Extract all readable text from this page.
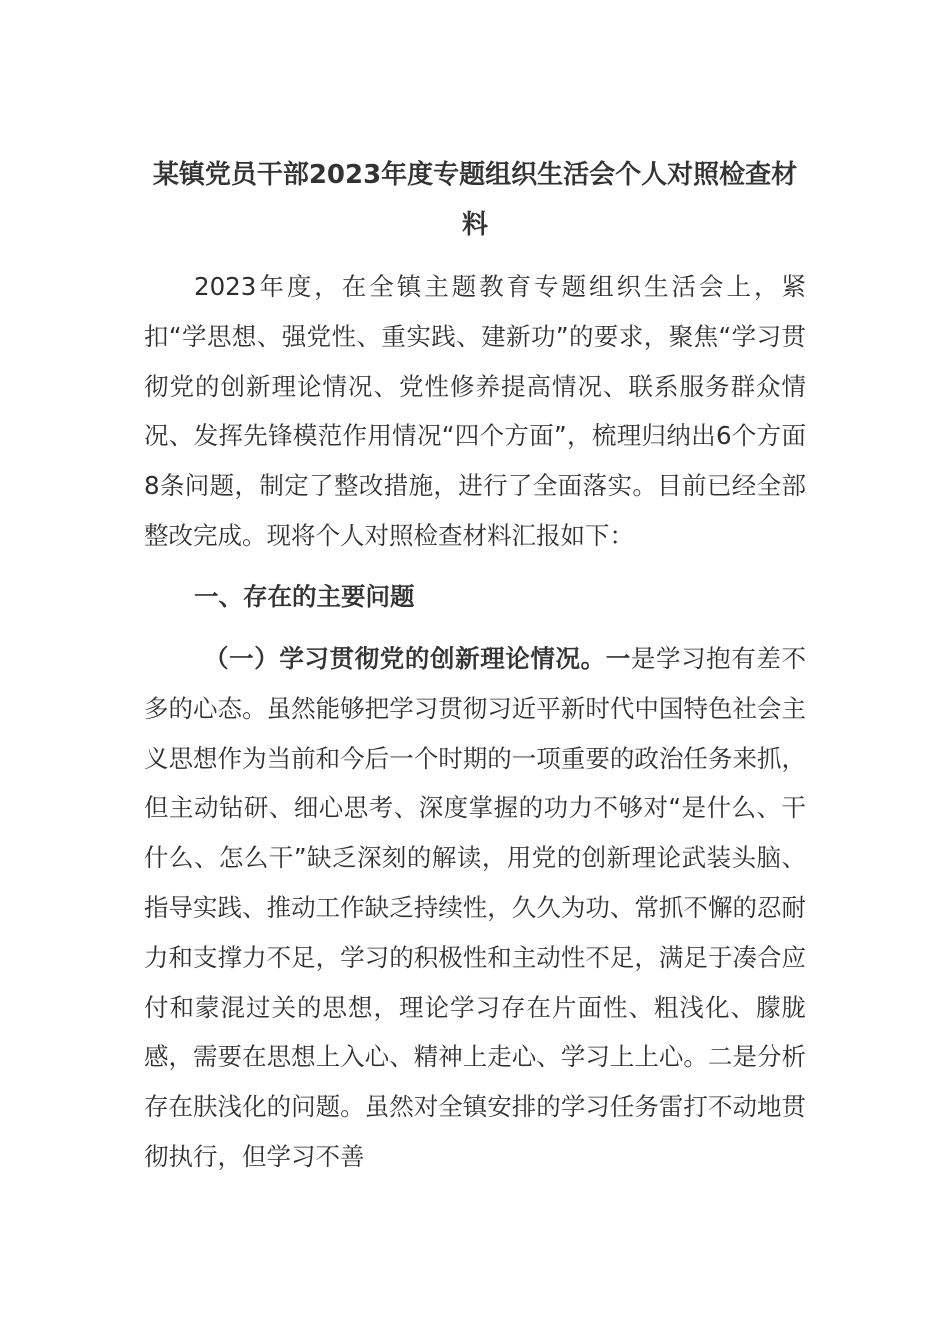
某镇党员干部2023年度专题组织生活会个人对照检查材料
2023年度，在全镇主题教育专题组织生活会上，紧扣“学思想、强党性、重实践、建新功”的要求，聚焦“学习贯彻党的创新理论情况、党性修养提高情况、联系服务群众情况、发挥先锋模范作用情况“四个方面”，梳理归纳出6个方面8条问题，制定了整改措施，进行了全面落实。目前已经全部整改完成。现将个人对照检查材料汇报如下：
一、存在的主要问题
（一）学习贯彻党的创新理论情况。一是学习抱有差不多的心态。虽然能够把学习贯彻习近平新时代中国特色社会主义思想作为当前和今后一个时期的一项重要的政治任务来抓，但主动钻研、细心思考、深度掌握的功力不够对“是什么、干什么、怎么干”缺乏深刻的解读，用党的创新理论武装头脑、指导实践、推动工作缺乏持续性，久久为功、常抓不懈的忍耐力和支撑力不足，学习的积极性和主动性不足，满足于凑合应付和蒙混过关的思想，理论学习存在片面性、粗浅化、朦胧感，需要在思想上入心、精神上走心、学习上上心。二是分析存在肤浅化的问题。虽然对全镇安排的学习任务雷打不动地贯彻执行，但学习不善
